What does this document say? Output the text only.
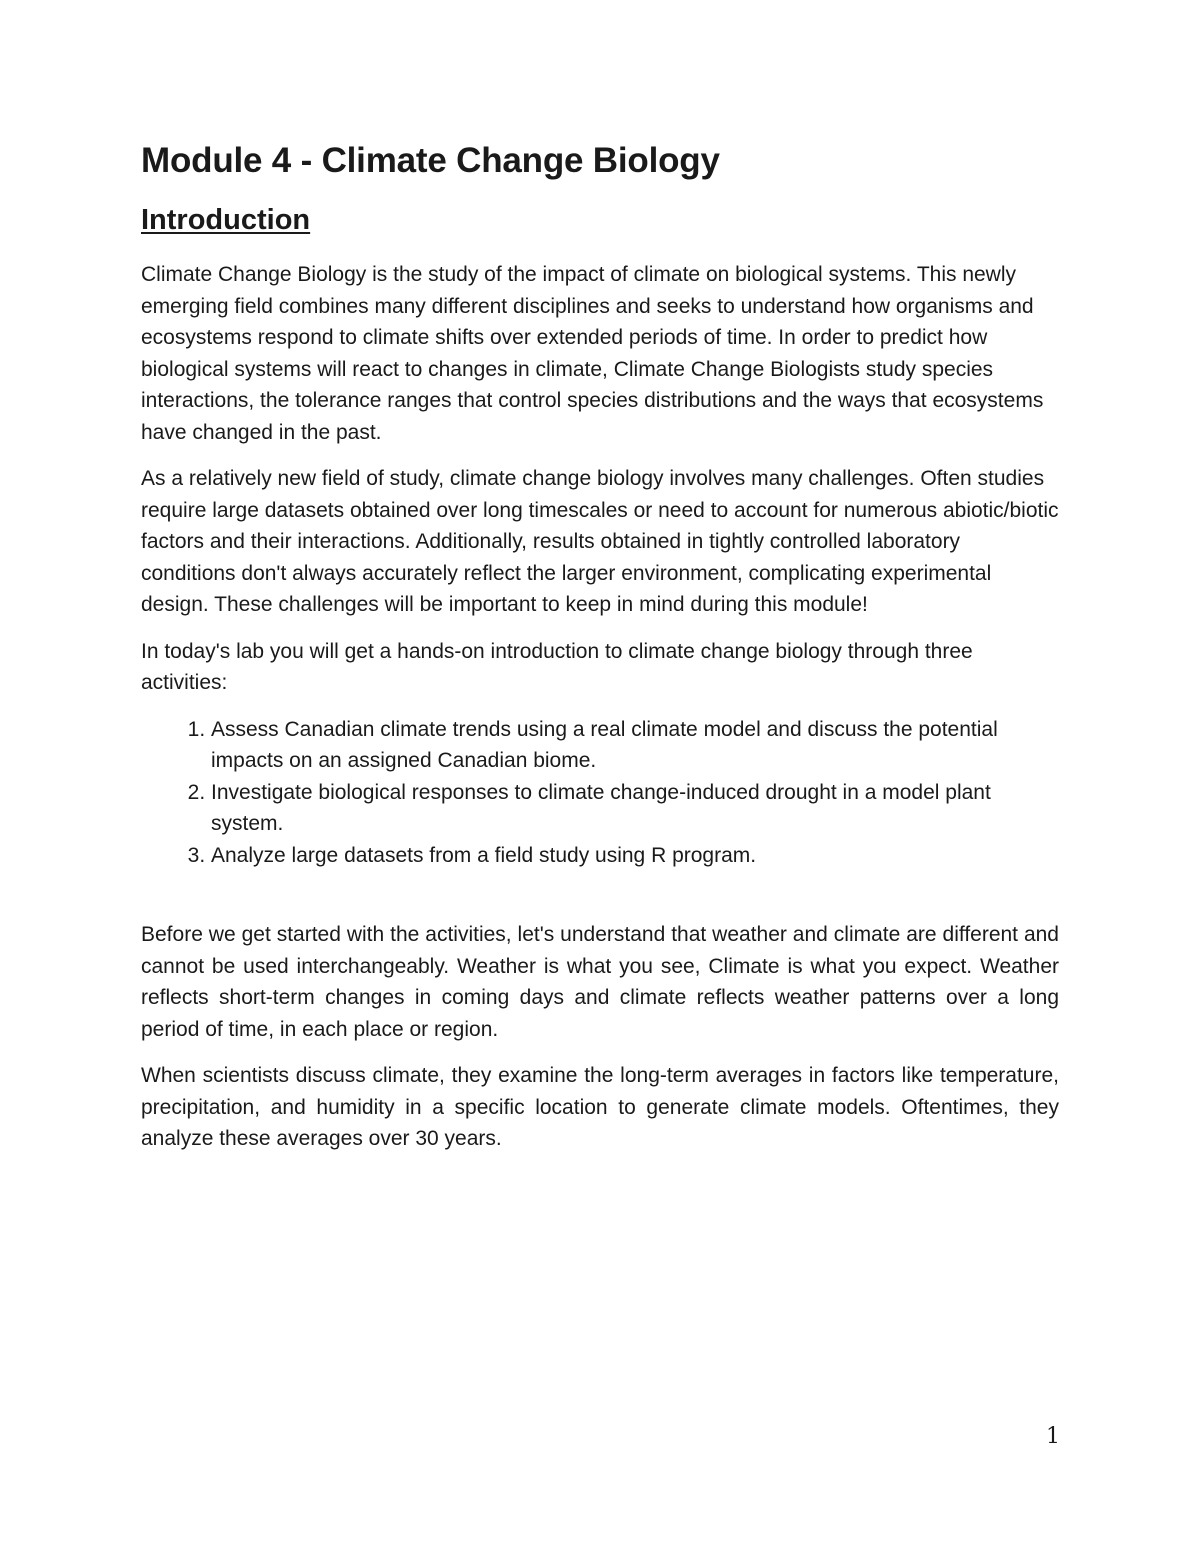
Module 4 - Climate Change Biology
Introduction

Climate Change Biology is the study of the impact of climate on biological systems. This newly emerging field combines many different disciplines and seeks to understand how organisms and ecosystems respond to climate shifts over extended periods of time. In order to predict how biological systems will react to changes in climate, Climate Change Biologists study species interactions, the tolerance ranges that control species distributions and the ways that ecosystems have changed in the past.

As a relatively new field of study, climate change biology involves many challenges. Often studies require large datasets obtained over long timescales or need to account for numerous abiotic/biotic factors and their interactions. Additionally, results obtained in tightly controlled laboratory conditions don't always accurately reflect the larger environment, complicating experimental design. These challenges will be important to keep in mind during this module!

In today's lab you will get a hands-on introduction to climate change biology through three activities:

1. Assess Canadian climate trends using a real climate model and discuss the potential impacts on an assigned Canadian biome.
2. Investigate biological responses to climate change-induced drought in a model plant system.
3. Analyze large datasets from a field study using R program.

Before we get started with the activities, let's understand that weather and climate are different and cannot be used interchangeably. Weather is what you see, Climate is what you expect. Weather reflects short-term changes in coming days and climate reflects weather patterns over a long period of time, in each place or region.

When scientists discuss climate, they examine the long-term averages in factors like temperature, precipitation, and humidity in a specific location to generate climate models. Oftentimes, they analyze these averages over 30 years.

1
